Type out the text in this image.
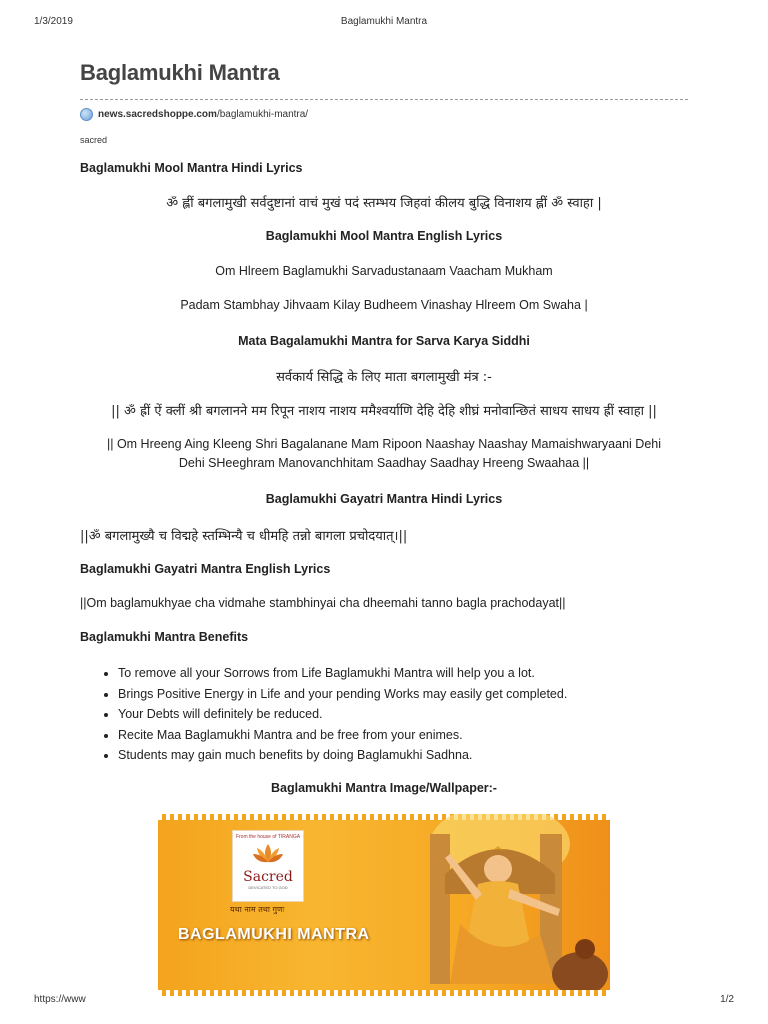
1/3/2019	Baglamukhi Mantra
Baglamukhi Mantra
news.sacredshoppe.com /baglamukhi-mantra/
sacred

Baglamukhi Mool Mantra Hindi Lyrics

ॐ ह्लीं बगलामुखी सर्वदुष्टानां वाचं मुखं पदं स्तम्भय जिहवां कीलय बुद्धि विनाशय ह्लीं ॐ स्वाहा |

Baglamukhi Mool Mantra English Lyrics

Om Hlreem Baglamukhi Sarvadustanaam Vaacham Mukham

Padam Stambhay Jihvaam Kilay Budheem Vinashay Hlreem Om Swaha |

Mata Bagalamukhi Mantra for Sarva Karya Siddhi

सर्वकार्य सिद्धि के लिए माता बगलामुखी मंत्र :-

|| ॐ ह्रीं ऐं क्लीं श्री बगलानने मम रिपून नाशय नाशय ममैश्वर्याणि देहि देहि शीघ्रं मनोवान्छितं साधय साधय ह्रीं स्वाहा ||

|| Om Hreeng Aing Kleeng Shri Bagalanane Mam Ripoon Naashay Naashay Mamaishwaryaani Dehi

Dehi SHeeghram Manovanchhitam Saadhay Saadhay Hreeng Swaahaa ||

Baglamukhi Gayatri Mantra Hindi Lyrics

||ॐ बगलामुख्यै च विद्महे स्तम्भिन्यै च धीमहि तन्नो बागला प्रचोदयात्।||

Baglamukhi Gayatri Mantra English Lyrics

||Om baglamukhyae cha vidmahe stambhinyai cha dheemahi tanno bagla prachodayat||

Baglamukhi Mantra Benefits

• To remove all your Sorrows from Life Baglamukhi Mantra will help you a lot.
• Brings Positive Energy in Life and your pending Works may easily get completed.
• Your Debts will definitely be reduced.
• Recite Maa Baglamukhi Mantra and be free from your enimes.
• Students may gain much benefits by doing Baglamukhi Sadhna.

Baglamukhi Mantra Image/Wallpaper:-

From the house of TIRANGA
Sacred
DEVICATED TO GOD
यथा नाम तथा गुणः
BAGLAMUKHI MANTRA
https://www	1/2
